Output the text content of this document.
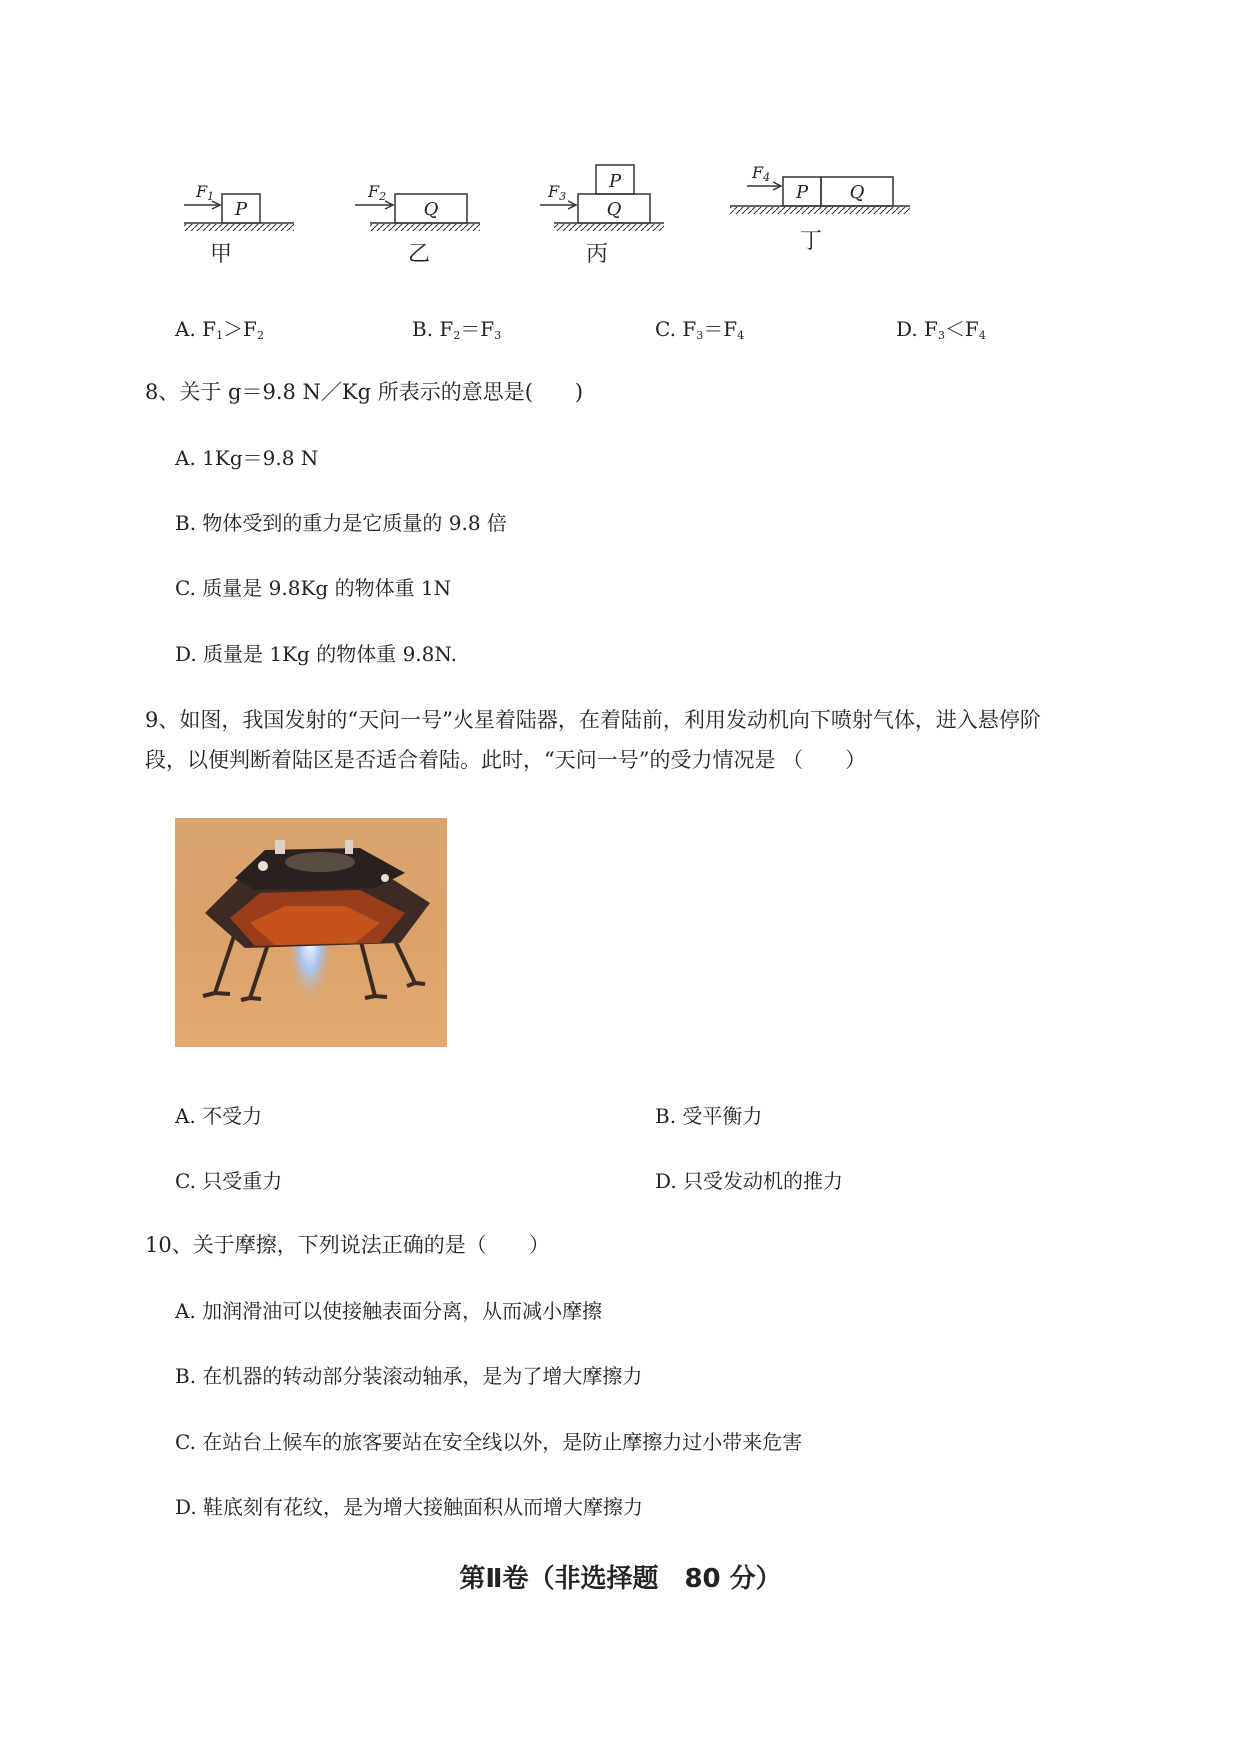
P
F1
甲
Q
F2
乙
Q
P
F3
丙
P Q
F4
丁
A. $F_1>F_2$	B. $F_2=F_3$	C. $F_3=F_4$	D. $F_3<F_4$
8、关于 g＝9.8 N／Kg 所表示的意思是(　　)
A. 1Kg＝9.8 N
B. 物体受到的重力是它质量的 9.8 倍
C. 质量是 9.8Kg 的物体重 1N
D. 质量是 1Kg 的物体重 9.8N.
9、如图，我国发射的“天问一号”火星着陆器，在着陆前，利用发动机向下喷射气体，进入悬停阶
段，以便判断着陆区是否适合着陆。此时，“天问一号”的受力情况是 （　　）
A. 不受力	B. 受平衡力
C. 只受重力	D. 只受发动机的推力
10、关于摩擦，下列说法正确的是（　　）
A. 加润滑油可以使接触表面分离，从而减小摩擦
B. 在机器的转动部分装滚动轴承，是为了增大摩擦力
C. 在站台上候车的旅客要站在安全线以外，是防止摩擦力过小带来危害
D. 鞋底刻有花纹，是为增大接触面积从而增大摩擦力
第Ⅱ卷（非选择题　80 分）
